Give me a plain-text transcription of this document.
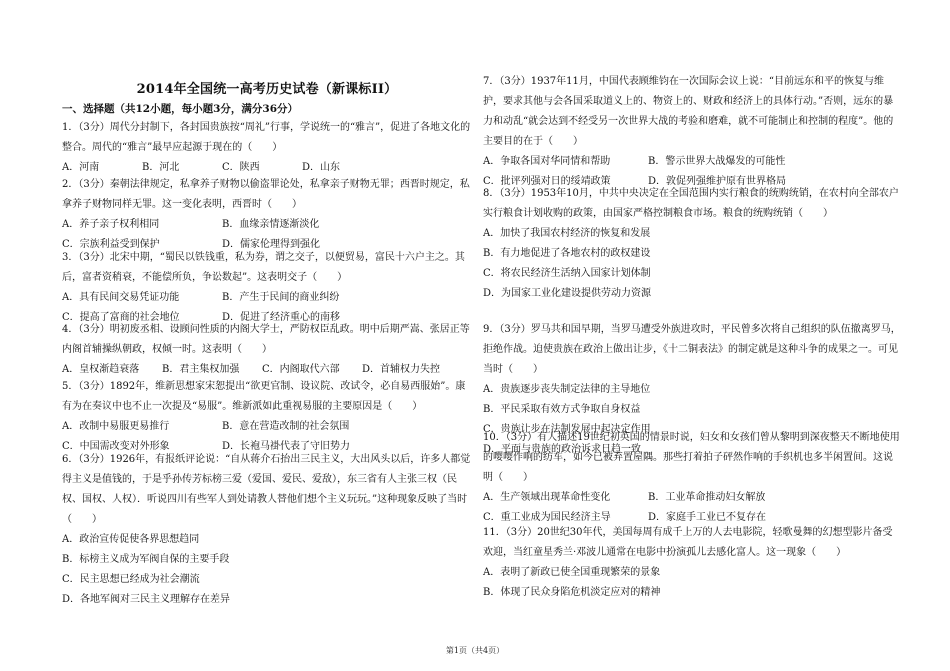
2014年全国统一高考历史试卷（新课标II）
一、选择题（共12小题，每小题3分，满分36分）
1．（3分）周代分封制下，各封国贵族按“周礼”行事，学说统一的“雅言”，促进了各地文化的整合。周代的“雅言”最早应起源于现在的（　　）
A．河南	B．河北	C．陕西	D．山东
2．（3分）秦朝法律规定，私拿养子财物以偷盗罪论处，私拿亲子财物无罪；西晋时规定，私拿养子财物同样无罪。这一变化表明，西晋时（　　）
A．养子亲子权利相同	B．血缘亲情逐渐淡化
C．宗族利益受到保护	D．儒家伦理得到强化
3．（3分）北宋中期，“蜀民以铁钱重，私为券，谓之交子，以便贸易，富民十六户主之。其后，富者资稍衰，不能偿所负，争讼数起”。这表明交子（　　）
A．具有民间交易凭证功能	B．产生于民间的商业纠纷
C．提高了富商的社会地位	D．促进了经济重心的南移
4．（3分）明初废丞相、设顾问性质的内阁大学士，严防权臣乱政。明中后期严嵩、张居正等内阁首辅操纵朝政，权倾一时。这表明（　　）
A．皇权渐趋衰落 B．君主集权加强 C．内阁取代六部 D．首辅权力失控
5．（3分）1892年，维新思想家宋恕提出“欲更官制、设议院、改试令，必自易西服始”。康有为在奏议中也不止一次提及“易服”。维新派如此重视易服的主要原因是（　　）
A．改制中易服更易推行	B．意在营造改制的社会氛围
C．中国需改变对外形象	D．长袍马褂代表了守旧势力
6．（3分）1926年，有报纸评论说：“自从蒋介石抬出三民主义，大出风头以后，许多人都觉得主义是值钱的，于是乎孙传芳标榜三爱（爱国、爱民、爱敌），东三省有人主张三权（民权、国权、人权）．听说四川有些军人到处请教人替他们想个主义玩玩。”这种现象反映了当时（　　）
A．政治宣传促使各界思想趋同
B．标榜主义成为军阀自保的主要手段
C．民主思想已经成为社会潮流
D．各地军阀对三民主义理解存在差异
7．（3分）1937年11月，中国代表顾维钧在一次国际会议上说：“目前远东和平的恢复与维护，要求其他与会各国采取道义上的、物资上的、财政和经济上的具体行动。”否则，远东的暴力和动乱“就会达到不经受另一次世界大战的考验和磨难，就不可能制止和控制的程度”。他的主要目的在于（　　）
A．争取各国对华同情和帮助	B．警示世界大战爆发的可能性
C．批评列强对日的绥靖政策	D．敦促列强维护原有世界格局
8．（3分）1953年10月，中共中央决定在全国范围内实行粮食的统购统销，在农村向全部农户实行粮食计划收购的政策，由国家严格控制粮食市场。粮食的统购统销（　　）
A．加快了我国农村经济的恢复和发展
B．有力地促进了各地农村的政权建设
C．将农民经济生活纳入国家计划体制
D．为国家工业化建设提供劳动力资源
9．（3分）罗马共和国早期，当罗马遭受外族进攻时，平民曾多次将自己组织的队伍撤离罗马，拒绝作战。迫使贵族在政治上做出让步，《十二铜表法》的制定就是这种斗争的成果之一。可见当时（　　）
A．贵族逐步丧失制定法律的主导地位
B．平民采取有效方式争取自身权益
C．贵族让步在法制发展中起决定作用
D．平面与贵族的政治诉求日趋一致
10．（3分）有人描述19世纪初英国的情景时说，妇女和女孩们曾从黎明到深夜整天不断地使用的嘤嘤作响的纺车，如今已被弃置屋隅。那些打着拍子砰然作响的手织机也多半闲置间。这说明（　　）
A．生产领域出现革命性变化	B．工业革命推动妇女解放
C．重工业成为国民经济主导	D．家庭手工业已不复存在
11．（3分）20世纪30年代，美国每周有成千上万的人去电影院，轻歌曼舞的幻想型影片备受欢迎，当红童星秀兰·邓波儿通常在电影中扮演孤儿去感化富人。这一现象（　　）
A．表明了新政已使全国重现繁荣的景象
B．体现了民众身陷危机淡定应对的精神
第1页（共4页）
